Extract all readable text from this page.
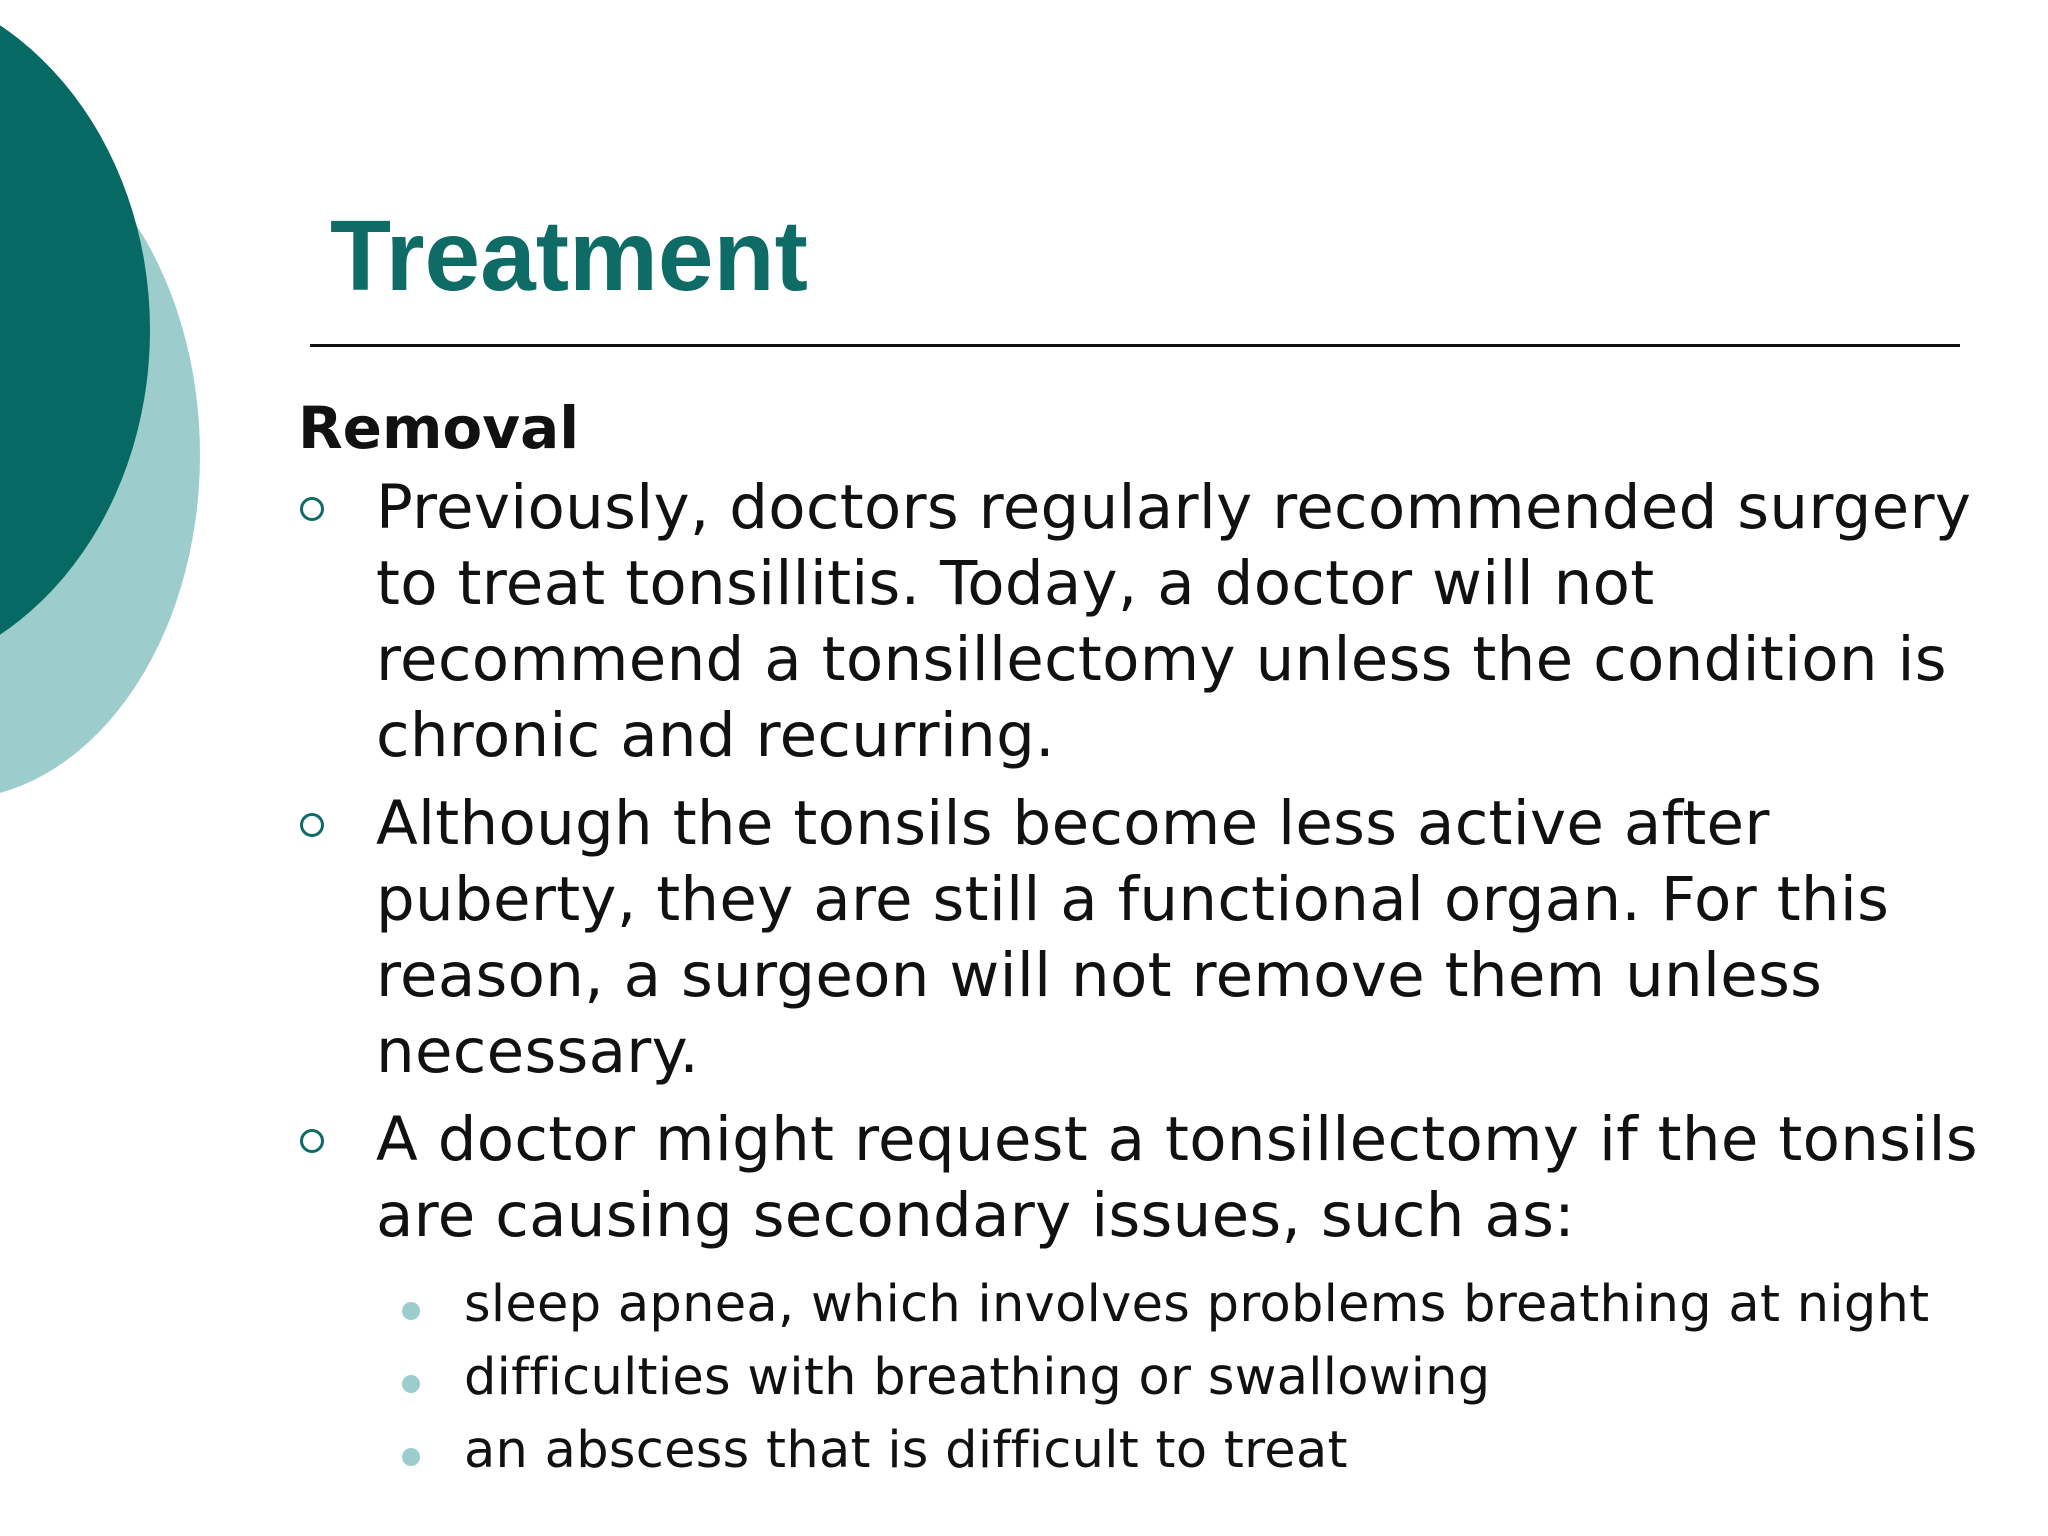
Treatment
Removal
Previously, doctors regularly recommended surgery to treat tonsillitis. Today, a doctor will not recommend a tonsillectomy unless the condition is chronic and recurring.
Although the tonsils become less active after puberty, they are still a functional organ. For this reason, a surgeon will not remove them unless necessary.
A doctor might request a tonsillectomy if the tonsils are causing secondary issues, such as:
sleep apnea, which involves problems breathing at night
difficulties with breathing or swallowing
an abscess that is difficult to treat
